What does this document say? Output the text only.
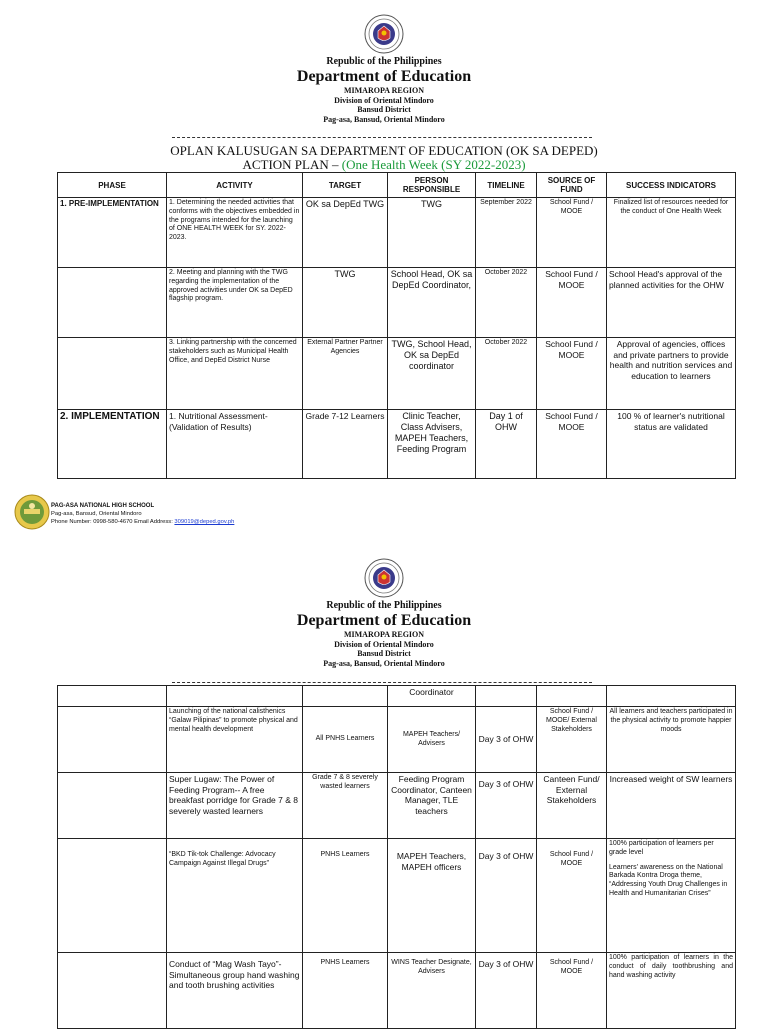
Republic of the Philippines
Department of Education
MIMAROPA REGION
Division of Oriental Mindoro
Bansud District
Pag-asa, Bansud, Oriental Mindoro
OPLAN KALUSUGAN SA DEPARTMENT OF EDUCATION (OK SA DEPED)
ACTION PLAN – (One Health Week (SY 2022-2023)
PHASE	ACTIVITY	TARGET	PERSON RESPONSIBLE	TIMELINE	SOURCE OF FUND	SUCCESS INDICATORS
1. PRE-IMPLEMENTATION	1. Determining the needed activities that conforms with the objectives embedded in the programs intended for the launching of ONE HEALTH WEEK for SY. 2022-2023.	OK sa DepEd TWG	TWG	September 2022	School Fund / MOOE	Finalized list of resources needed for the conduct of One Health Week
	2. Meeting and planning with the TWG regarding the implementation of the approved activities under OK sa DepED flagship program.	TWG	School Head, OK sa DepEd Coordinator,	October 2022	School Fund / MOOE	School Head's approval of the planned activities for the OHW
	3. Linking partnership with the concerned stakeholders such as Municipal Health Office, and DepEd District Nurse	External Partner Partner Agencies	TWG, School Head, OK sa DepEd coordinator	October 2022	School Fund / MOOE	Approval of agencies, offices and private partners to provide health and nutrition services and education to learners
2. IMPLEMENTATION	1. Nutritional Assessment- (Validation of Results)	Grade 7-12 Learners	Clinic Teacher, Class Advisers, MAPEH Teachers, Feeding Program	Day 1 of OHW	School Fund / MOOE	100 % of learner's nutritional status are validated
PAG-ASA NATIONAL HIGH SCHOOL
Pag-asa, Bansud, Oriental Mindoro
Phone Number: 0998-580-4670 Email Address: 309019@deped.gov.ph
Republic of the Philippines
Department of Education
MIMAROPA REGION
Division of Oriental Mindoro
Bansud District
Pag-asa, Bansud, Oriental Mindoro
			Coordinator			
	Launching of the national calisthenics “Galaw Pilipinas” to promote physical and mental health development	All PNHS Learners	MAPEH Teachers/ Advisers	Day 3 of OHW	School Fund / MOOE/ External Stakeholders	All learners and teachers participated in the physical activity to promote happier moods
	Super Lugaw: The Power of Feeding Program-- A free breakfast porridge for Grade 7 & 8 severely wasted learners	Grade 7 & 8 severely wasted learners	Feeding Program Coordinator, Canteen Manager, TLE teachers	Day 3 of OHW	Canteen Fund/ External Stakeholders	Increased weight of SW learners
	“BKD Tik-tok Challenge: Advocacy Campaign Against Illegal Drugs”	PNHS Learners	MAPEH Teachers, MAPEH officers	Day 3 of OHW	School Fund / MOOE	100% participation of learners per grade level
Learners' awareness on the National Barkada Kontra Droga theme, “Addressing Youth Drug Challenges in Health and Humanitarian Crises”

	Conduct of “Mag Wash Tayo”- Simultaneous group hand washing and tooth brushing activities	PNHS Learners	WINS Teacher Designate, Advisers	Day 3 of OHW	School Fund / MOOE	100% participation of learners in the conduct of daily toothbrushing and hand washing activity
